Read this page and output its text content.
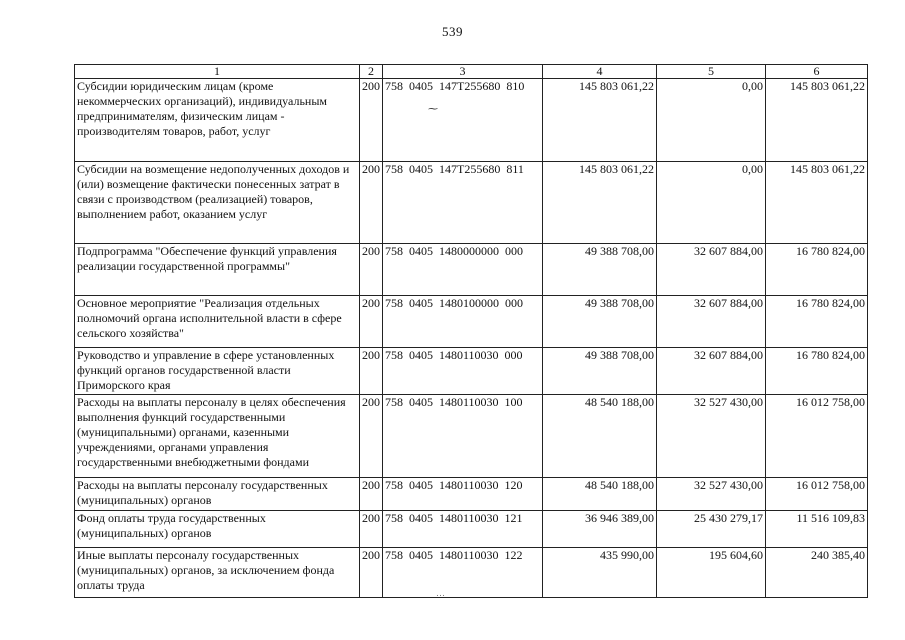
539
1	2	3	4	5	6
Субсидии юридическим лицам (кроме некоммерческих организаций), индивидуальным предпринимателям, физическим лицам - производителям товаров, работ, услуг	200	758 0405 147Т255680 810	145 803 061,22	0,00	145 803 061,22
Субсидии на возмещение недополученных доходов и (или) возмещение фактически понесенных затрат в связи с производством (реализацией) товаров, выполнением работ, оказанием услуг	200	758 0405 147Т255680 811	145 803 061,22	0,00	145 803 061,22
Подпрограмма "Обеспечение функций управления реализации государственной программы"	200	758 0405 1480000000 000	49 388 708,00	32 607 884,00	16 780 824,00
Основное мероприятие "Реализация отдельных полномочий органа исполнительной власти в сфере сельского хозяйства"	200	758 0405 1480100000 000	49 388 708,00	32 607 884,00	16 780 824,00
Руководство и управление в сфере установленных функций органов государственной власти Приморского края	200	758 0405 1480110030 000	49 388 708,00	32 607 884,00	16 780 824,00
Расходы на выплаты персоналу в целях обеспечения выполнения функций государственными (муниципальными) органами, казенными учреждениями, органами управления государственными внебюджетными фондами	200	758 0405 1480110030 100	48 540 188,00	32 527 430,00	16 012 758,00
Расходы на выплаты персоналу государственных (муниципальных) органов	200	758 0405 1480110030 120	48 540 188,00	32 527 430,00	16 012 758,00
Фонд оплаты труда государственных (муниципальных) органов	200	758 0405 1480110030 121	36 946 389,00	25 430 279,17	11 516 109,83
Иные выплаты персоналу государственных (муниципальных) органов, за исключением фонда оплаты труда	200	758 0405 1480110030 122	435 990,00	195 604,60	240 385,40
⁓
…
